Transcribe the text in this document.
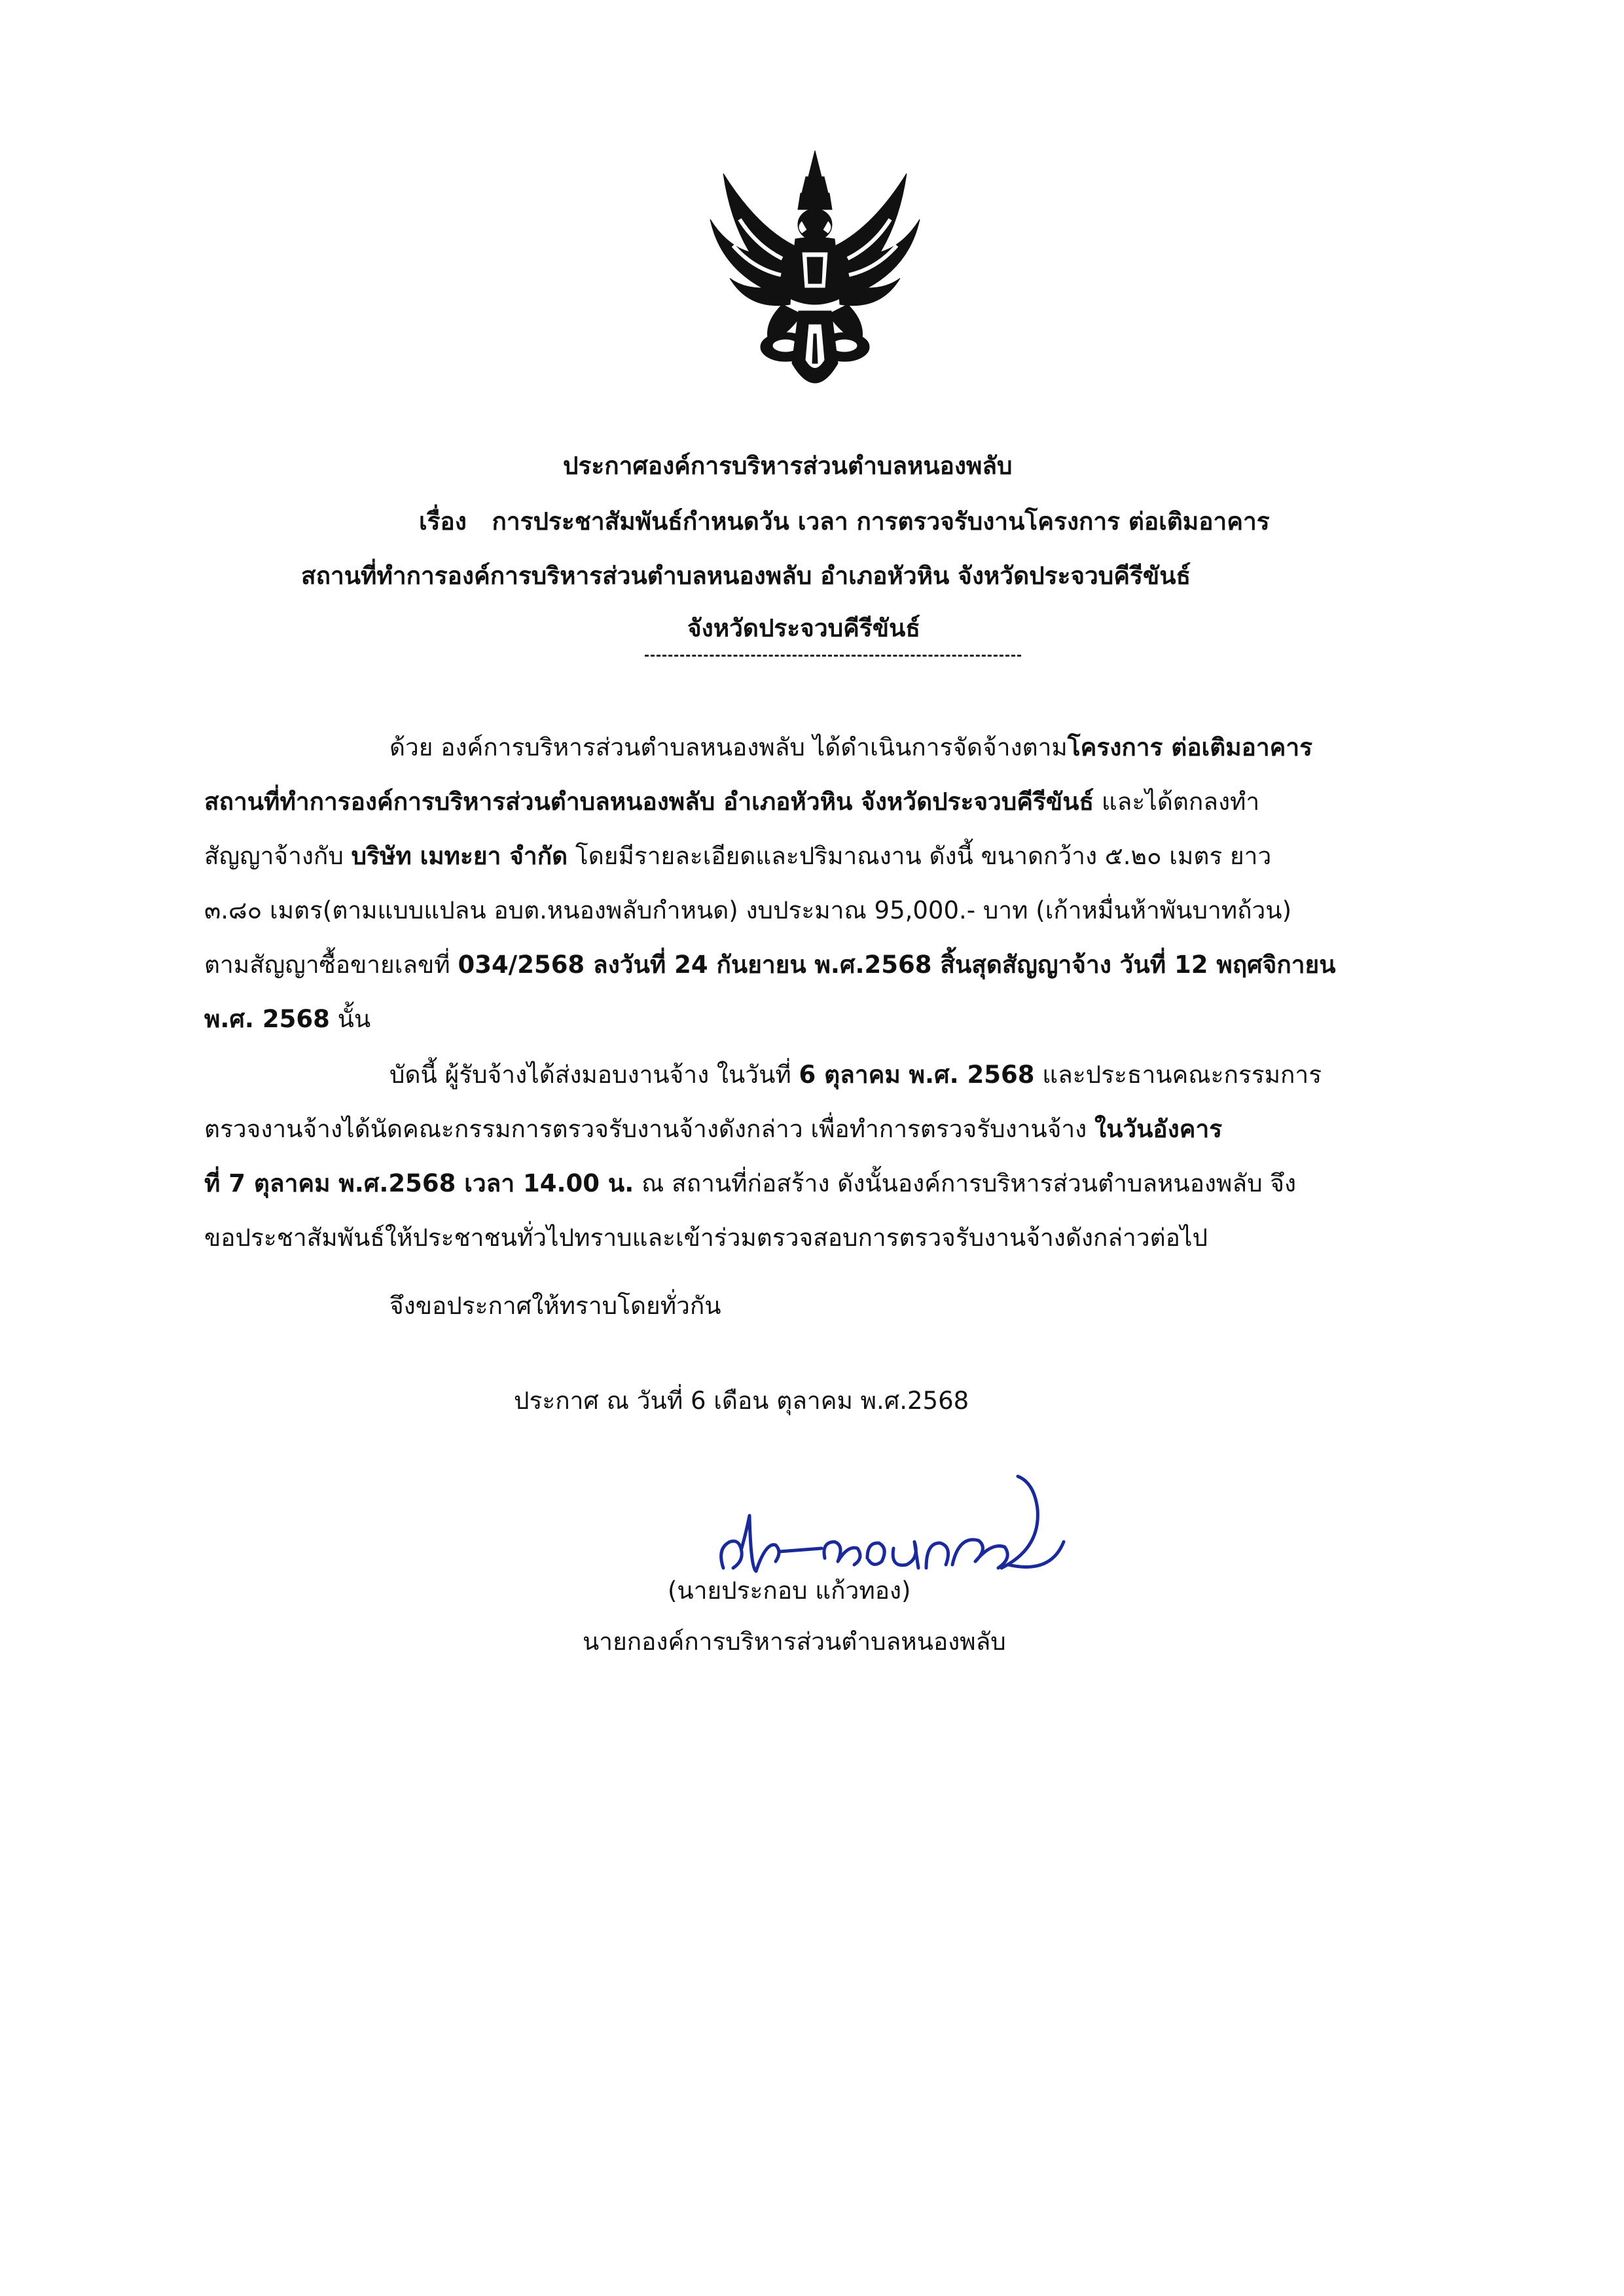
ประกาศองค์การบริหารส่วนตำบลหนองพลับ
เรื่อง การประชาสัมพันธ์กำหนดวัน เวลา การตรวจรับงานโครงการ ต่อเติมอาคาร
สถานที่ทำการองค์การบริหารส่วนตำบลหนองพลับ อำเภอหัวหิน จังหวัดประจวบคีรีขันธ์
จังหวัดประจวบคีรีขันธ์
ด้วย องค์การบริหารส่วนตำบลหนองพลับ ได้ดำเนินการจัดจ้างตามโครงการ ต่อเติมอาคาร
สถานที่ทำการองค์การบริหารส่วนตำบลหนองพลับ อำเภอหัวหิน จังหวัดประจวบคีรีขันธ์ และได้ตกลงทำ
สัญญาจ้างกับ บริษัท เมทะยา จำกัด โดยมีรายละเอียดและปริมาณงาน ดังนี้ ขนาดกว้าง ๕.๒๐ เมตร ยาว
๓.๘๐ เมตร(ตามแบบแปลน อบต.หนองพลับกำหนด) งบประมาณ 95,000.- บาท (เก้าหมื่นห้าพันบาทถ้วน)
ตามสัญญาซื้อขายเลขที่ 034/2568 ลงวันที่ 24 กันยายน พ.ศ.2568 สิ้นสุดสัญญาจ้าง วันที่ 12 พฤศจิกายน
พ.ศ. 2568 นั้น
บัดนี้ ผู้รับจ้างได้ส่งมอบงานจ้าง ในวันที่ 6 ตุลาคม พ.ศ. 2568 และประธานคณะกรรมการ
ตรวจงานจ้างได้นัดคณะกรรมการตรวจรับงานจ้างดังกล่าว เพื่อทำการตรวจรับงานจ้าง ในวันอังคาร
ที่ 7 ตุลาคม พ.ศ.2568 เวลา 14.00 น. ณ สถานที่ก่อสร้าง ดังนั้นองค์การบริหารส่วนตำบลหนองพลับ จึง
ขอประชาสัมพันธ์ให้ประชาชนทั่วไปทราบและเข้าร่วมตรวจสอบการตรวจรับงานจ้างดังกล่าวต่อไป
จึงขอประกาศให้ทราบโดยทั่วกัน
ประกาศ ณ วันที่ 6 เดือน ตุลาคม พ.ศ.2568
(นายประกอบ แก้วทอง)
นายกองค์การบริหารส่วนตำบลหนองพลับ
